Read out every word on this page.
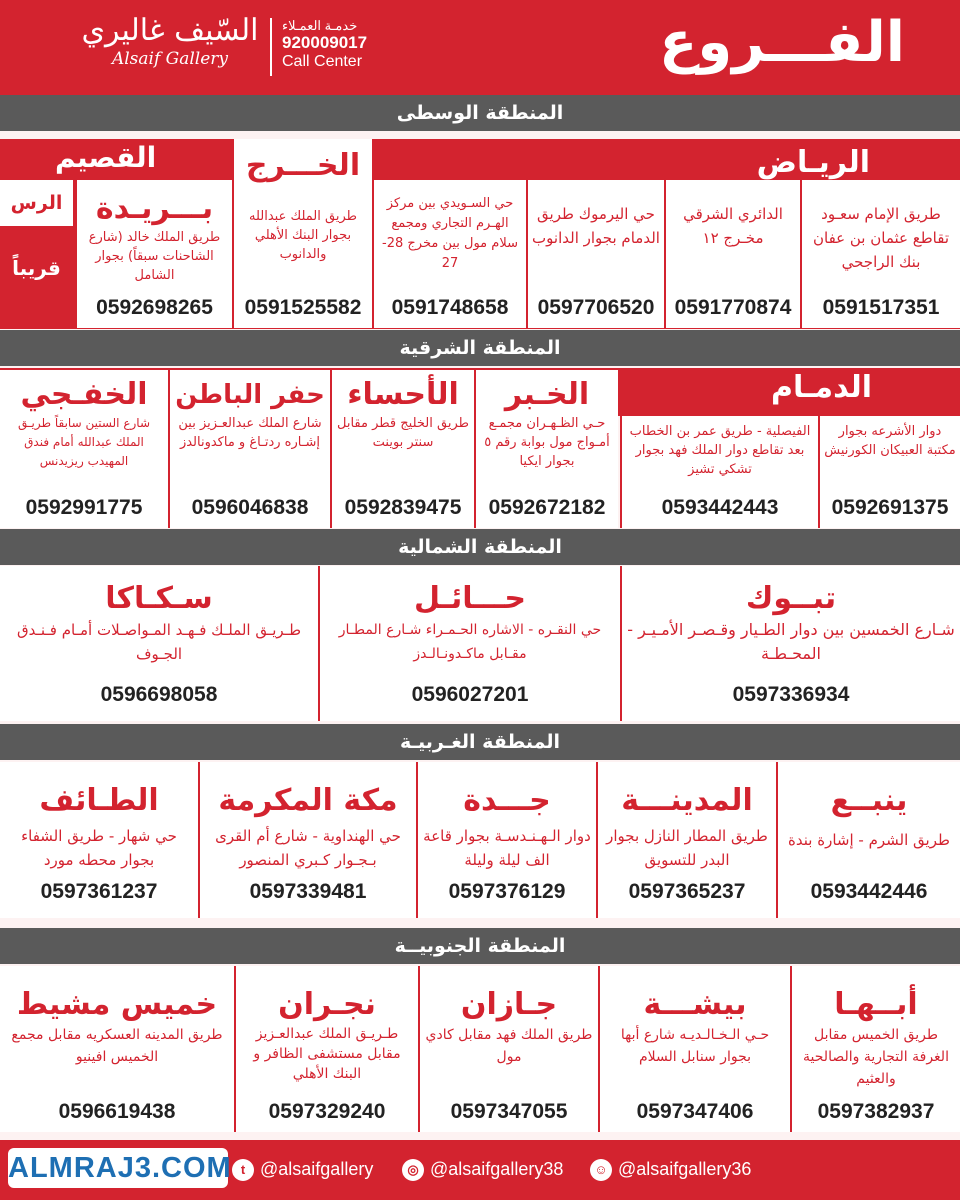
الفـــروع
السّيف غاليري
Alsaif Gallery
خدمـة العمـلاء
920009017
Call Center
المنطقة الوسطى
الريـاض
القصيم
طريق الإمام سعـود تقاطع عثمان بن عفان بنك الراجحي
0591517351
الدائري الشرقي مخـرج ١٢
0591770874
حي اليرموك طريق الدمام بجوار الدانوب
0597706520
حي السـويدي بين مركز الهـرم التجاري ومجمع سلام مول بين مخرج 28-27
0591748658
الخـــرج
طريق الملك عبدالله بجوار البنك الأهلي والدانوب
0591525582
بـــريـدة
طريق الملك خالد (شارع الشاحنات سبقاً) بجوار الشامل
0592698265
الرس
قريباً
المنطقة الشرقية
الدمـام
دوار الأشرعه بجوار مكتبة العبيكان الكورنيش
0592691375
الفيصلية - طريق عمر بن الخطاب بعد تقاطع دوار الملك فهد بجوار تشكي تشيز
0593442443
الخـبر
حـي الظـهـران مجمـع أمـواج مول بوابة رقم ٥ بجوار ايكيا
0592672182
الأحساء
طريق الخليج قطر مقابل سنتر بوينت
0592839475
حفر الباطن
شارع الملك عبدالعـزيز بين إشـاره ردتـاغ و ماكدونالدز
0596046838
الخفـجي
شارع الستين سابقاً طريـق الملك عبدالله أمام فندق المهيدب ريزيدنس
0592991775
المنطقة الشمالية
تبــوك
شـارع الخمسين بين دوار الطـيار وقـصـر الأمـيـر - المحـطـة
0597336934
حـــائـل
حي النقـره - الاشاره الحـمـراء شـارع المطـار مقـابل ماكـدونـالـدز
0596027201
سـكـاكا
طـريـق الملـك فـهـد المـواصـلات أمـام فـنـدق الجـوف
0596698058
المنطقة الغـربيـة
ينبــع
طريق الشرم - إشارة بندة
0593442446
المدينـــة
طريق المطار النازل بجوار البدر للتسويق
0597365237
جـــدة
دوار الـهـنـدسـة بجوار قاعة الف ليلة وليلة
0597376129
مكة المكرمة
حي الهنداوية - شارع أم القرى بـجـوار كـبري المنصور
0597339481
الطـائف
حي شهار - طريق الشفاء بجوار محطه مورد
0597361237
المنطقة الجنوبيــة
أبــهـا
طريق الخميس مقابل الغرفة التجارية والصالحية والعثيم
0597382937
بيشـــة
حـي الـخـالـديـه شارع أبها بجوار سنابل السلام
0597347406
جـازان
طريق الملك فهد مقابل كادي مول
0597347055
نجـران
طـريـق الملك عبدالعـزيز مقابل مستشفى الظافر و البنك الأهلي
0597329240
خميس مشيط
طريق المدينه العسكريه مقابل مجمع الخميس افينيو
0596619438
ALMRAJ3.COM t @alsaifgallery	◎ @alsaifgallery38	☺ @alsaifgallery36
